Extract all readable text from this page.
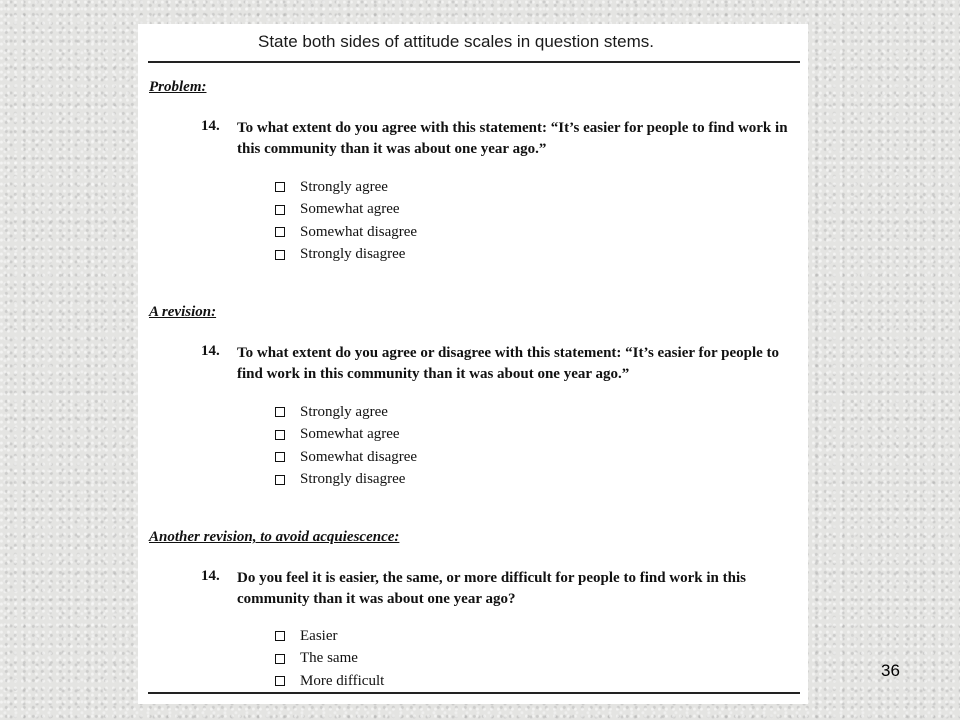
State both sides of attitude scales in question stems.
Problem:
14. To what extent do you agree with this statement: “It’s easier for people to find work in this community than it was about one year ago.”
Strongly agree
Somewhat agree
Somewhat disagree
Strongly disagree
A revision:
14. To what extent do you agree or disagree with this statement: “It’s easier for people to find work in this community than it was about one year ago.”
Strongly agree
Somewhat agree
Somewhat disagree
Strongly disagree
Another revision, to avoid acquiescence:
14. Do you feel it is easier, the same, or more difficult for people to find work in this community than it was about one year ago?
Easier
The same
More difficult
36
